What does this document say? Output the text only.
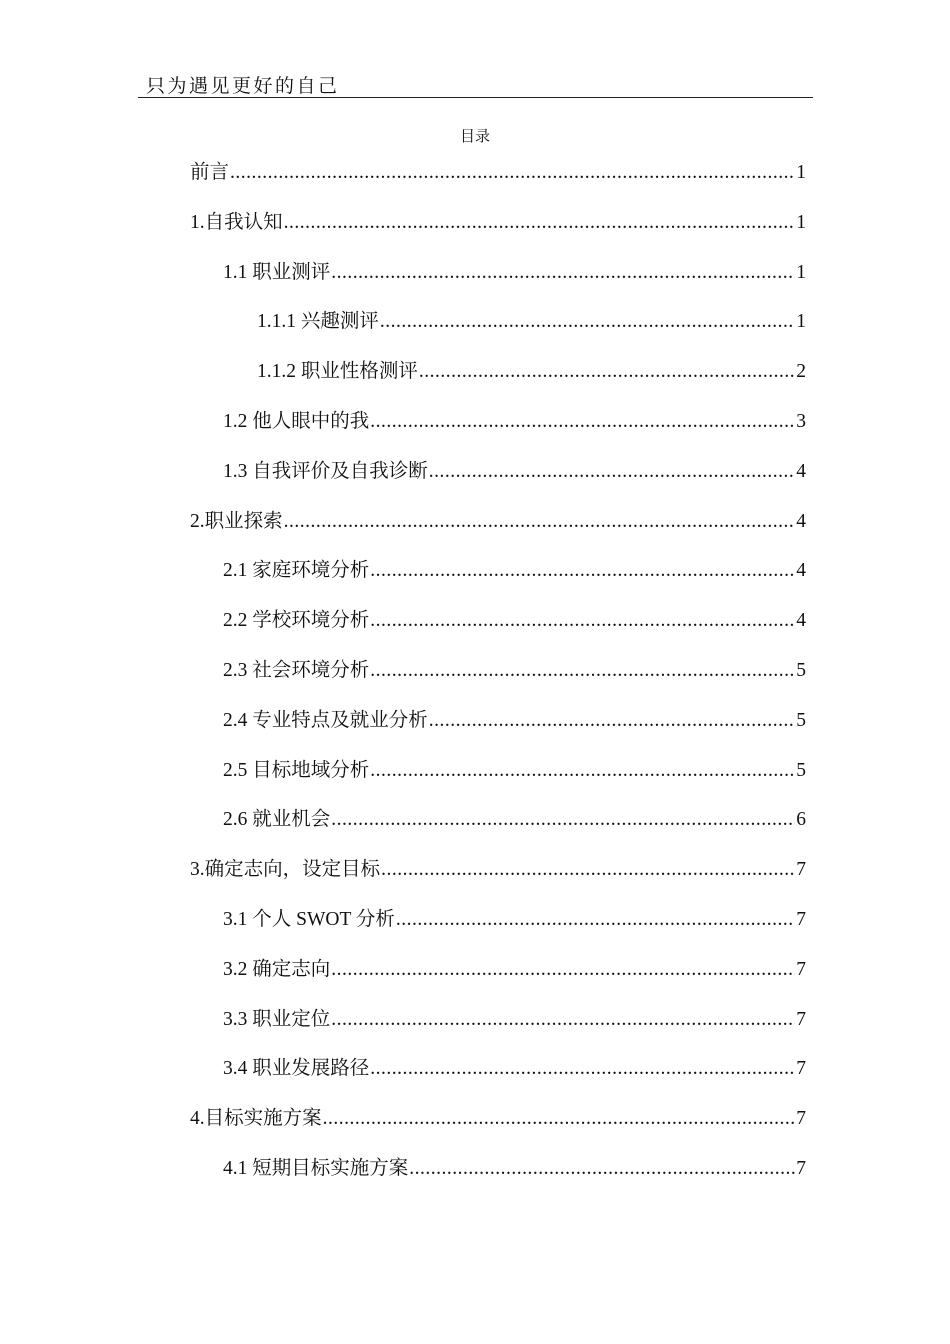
只为遇见更好的自己
目录
前言 .....	1
1.自我认知 .....	1
1.1 职业测评 .....	1
1.1.1 兴趣测评 .....	1
1.1.2 职业性格测评 .....	2
1.2 他人眼中的我 .....	3
1.3 自我评价及自我诊断 .....	4
2.职业探索 .....	4
2.1 家庭环境分析 .....	4
2.2 学校环境分析 .....	4
2.3 社会环境分析 .....	5
2.4 专业特点及就业分析 .....	5
2.5 目标地域分析 .....	5
2.6 就业机会 .....	6
3.确定志向，设定目标 .....	7
3.1 个人 SWOT 分析 .....	7
3.2 确定志向 .....	7
3.3 职业定位 .....	7
3.4 职业发展路径 .....	7
4.目标实施方案 .....	7
4.1 短期目标实施方案 .....	7
